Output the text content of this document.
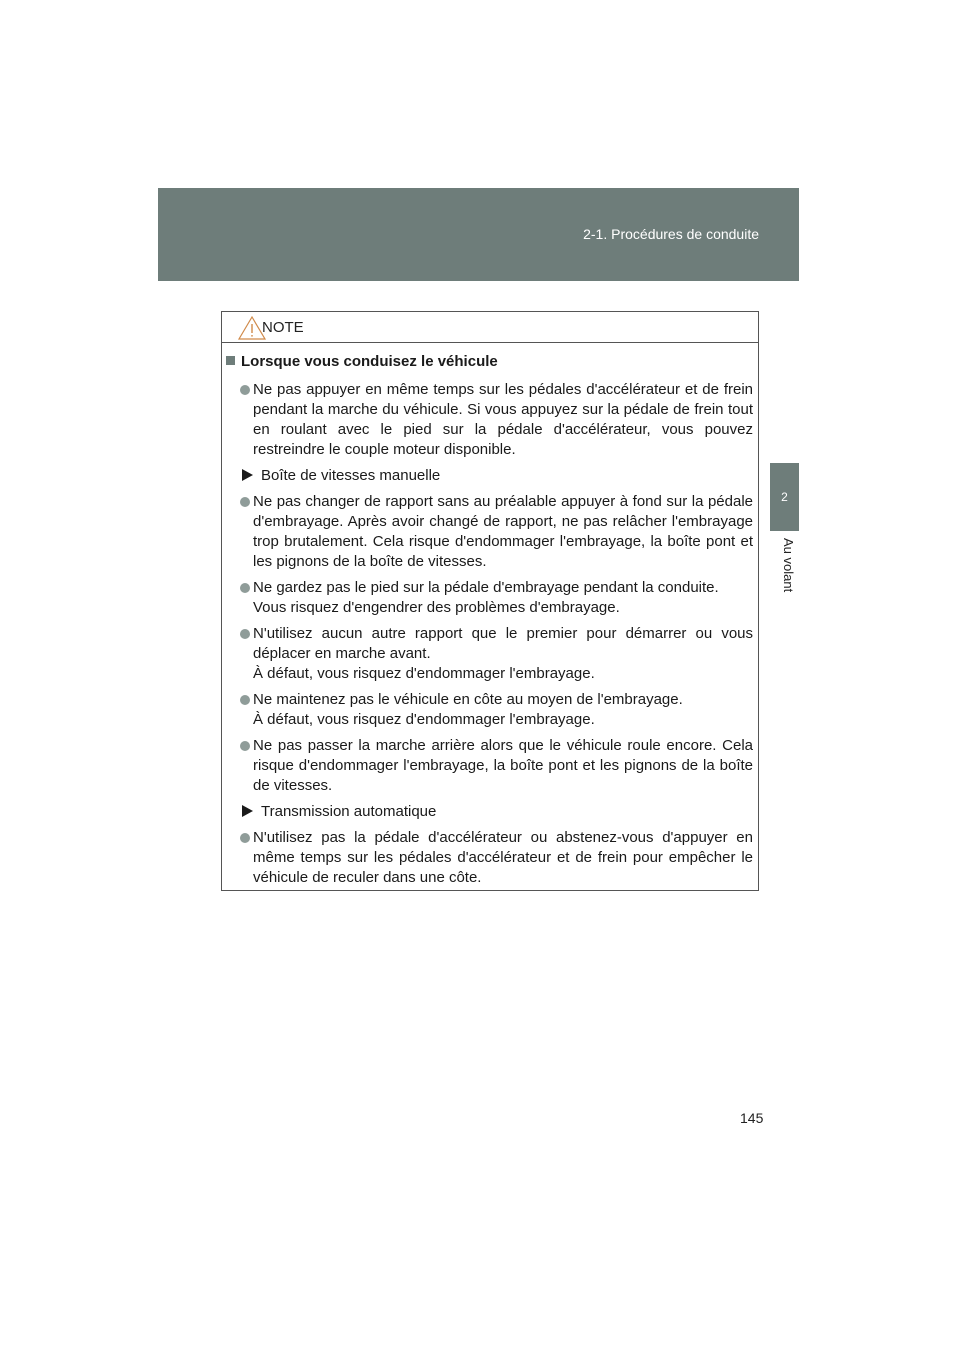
2-1. Procédures de conduite
2
Au volant
NOTE
Lorsque vous conduisez le véhicule
Ne pas appuyer en même temps sur les pédales d'accélérateur et de frein pendant la marche du véhicule. Si vous appuyez sur la pédale de frein tout en roulant avec le pied sur la pédale d'accélérateur, vous pouvez restreindre le couple moteur disponible.
Boîte de vitesses manuelle
Ne pas changer de rapport sans au préalable appuyer à fond sur la pédale d'embrayage. Après avoir changé de rapport, ne pas relâcher l'embrayage trop brutalement. Cela risque d'endommager l'embrayage, la boîte pont et les pignons de la boîte de vitesses.
Ne gardez pas le pied sur la pédale d'embrayage pendant la conduite.
Vous risquez d'engendrer des problèmes d'embrayage.
N'utilisez aucun autre rapport que le premier pour démarrer ou vous déplacer en marche avant.
À défaut, vous risquez d'endommager l'embrayage.
Ne maintenez pas le véhicule en côte au moyen de l'embrayage.
À défaut, vous risquez d'endommager l'embrayage.
Ne pas passer la marche arrière alors que le véhicule roule encore. Cela risque d'endommager l'embrayage, la boîte pont et les pignons de la boîte de vitesses.
Transmission automatique
N'utilisez pas la pédale d'accélérateur ou abstenez-vous d'appuyer en même temps sur les pédales d'accélérateur et de frein pour empêcher le véhicule de reculer dans une côte.
145
